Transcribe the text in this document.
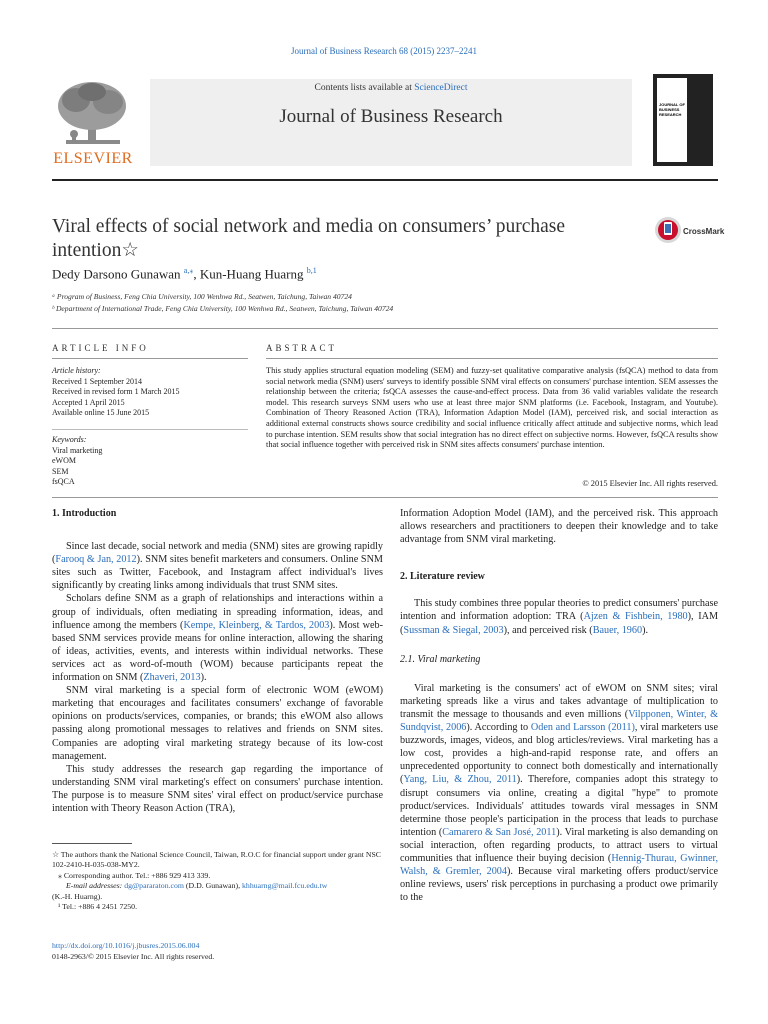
Journal of Business Research 68 (2015) 2237–2241
Contents lists available at ScienceDirect
Journal of Business Research
ELSEVIER
JOURNAL OF BUSINESS RESEARCH
Viral effects of social network and media on consumers’ purchase intention☆
CrossMark
Dedy Darsono Gunawan $^{a,⁎}$, Kun-Huang Huarng $^{b,1}$
ᵃ Program of Business, Feng Chia University, 100 Wenhwa Rd., Seatwen, Taichung, Taiwan 40724
ᵇ Department of International Trade, Feng Chia University, 100 Wenhwa Rd., Seatwen, Taichung, Taiwan 40724
ARTICLE INFO
Article history:
Received 1 September 2014
Received in revised form 1 March 2015
Accepted 1 April 2015
Available online 15 June 2015
Keywords:
Viral marketing
eWOM
SEM
fsQCA
ABSTRACT
This study applies structural equation modeling (SEM) and fuzzy-set qualitative comparative analysis (fsQCA) method to data from social network media (SNM) users' surveys to identify possible SNM viral effects on consumers' purchase intention. SEM assesses the relationship between the criteria; fsQCA assesses the cause-and-effect process. Data from 36 valid variables validate the research model. This research surveys SNM users who use at least three major SNM platforms (i.e. Facebook, Instagram, and Youtube). Combination of Theory Reasoned Action (TRA), Information Adaption Model (IAM), perceived risk, and social interaction as additional external constructs shows source credibility and social influence critically affect attitude and subjective norms, which lead to purchase intention. SEM results show that social integration has no direct effect on subjective norms. However, fsQCA results show that social influence together with perceived risk in SNM sites affects consumers' purchase intention.
© 2015 Elsevier Inc. All rights reserved.
1. Introduction

Since last decade, social network and media (SNM) sites are growing rapidly (Farooq & Jan, 2012). SNM sites benefit marketers and consumers. Online SNM sites such as Twitter, Facebook, and Instagram affect individual's lives significantly by creating links among individuals that trust SNM sites.

Scholars define SNM as a graph of relationships and interactions within a group of individuals, often mediating in spreading information, ideas, and influence among the members (Kempe, Kleinberg, & Tardos, 2003). Most web-based SNM services provide means for online interaction, allowing the sharing of ideas, activities, events, and interests within individual networks. These services act as word-of-mouth (WOM) because participants repeat the information on SNM (Zhaveri, 2013).

SNM viral marketing is a special form of electronic WOM (eWOM) marketing that encourages and facilitates consumers' exchange of favorable opinions on products/services, companies, or brands; this eWOM also allows passing along promotional messages to relatives and friends on SNM sites. Companies are adopting viral marketing strategy because of its low-cost management.

This study addresses the research gap regarding the importance of understanding SNM viral marketing's effect on consumers' purchase intention. The purpose is to measure SNM sites' viral effect on product/service purchase intention with Theory Reason Action (TRA),

Information Adoption Model (IAM), and the perceived risk. This approach allows researchers and practitioners to deepen their knowledge and to take advantage from SNM viral marketing.

2. Literature review

This study combines three popular theories to predict consumers' purchase intention and information adoption: TRA (Ajzen & Fishbein, 1980), IAM (Sussman & Siegal, 2003), and perceived risk (Bauer, 1960).

2.1. Viral marketing

Viral marketing is the consumers' act of eWOM on SNM sites; viral marketing spreads like a virus and takes advantage of multiplication to transmit the message to thousands and even millions (Vilpponen, Winter, & Sundqvist, 2006). According to Oden and Larsson (2011), viral marketers use buzzwords, images, videos, and blog articles/reviews. Viral marketing has a low cost, provides a high-and-rapid response rate, and offers an unprecedented opportunity to connect both domestically and internationally (Yang, Liu, & Zhou, 2011). Therefore, companies adopt this strategy to disrupt consumers via online, creating a digital "hype" to promote product/services. Individuals' attitudes towards viral messages in SNM determine those people's participation in the process that leads to purchase intention (Camarero & San José, 2011). Viral marketing is also demanding on social interaction, often regarding products, to attract users to virtual communities that influence their buying decision (Hennig-Thurau, Gwinner, Walsh, & Gremler, 2004). Because viral marketing offers product/service online reviews, users' risk perceptions in purchasing a product owe primarily to the

☆ The authors thank the National Science Council, Taiwan, R.O.C for financial support under grant NSC 102-2410-H-035-038-MY2.

⁎ Corresponding author. Tel.: +886 929 413 339.

E-mail addresses: dg@pararaton.com (D.D. Gunawan), khhuarng@mail.fcu.edu.tw

(K.-H. Huarng).

¹ Tel.: +886 4 2451 7250.

http://dx.doi.org/10.1016/j.jbusres.2015.06.004
0148-2963/© 2015 Elsevier Inc. All rights reserved.
